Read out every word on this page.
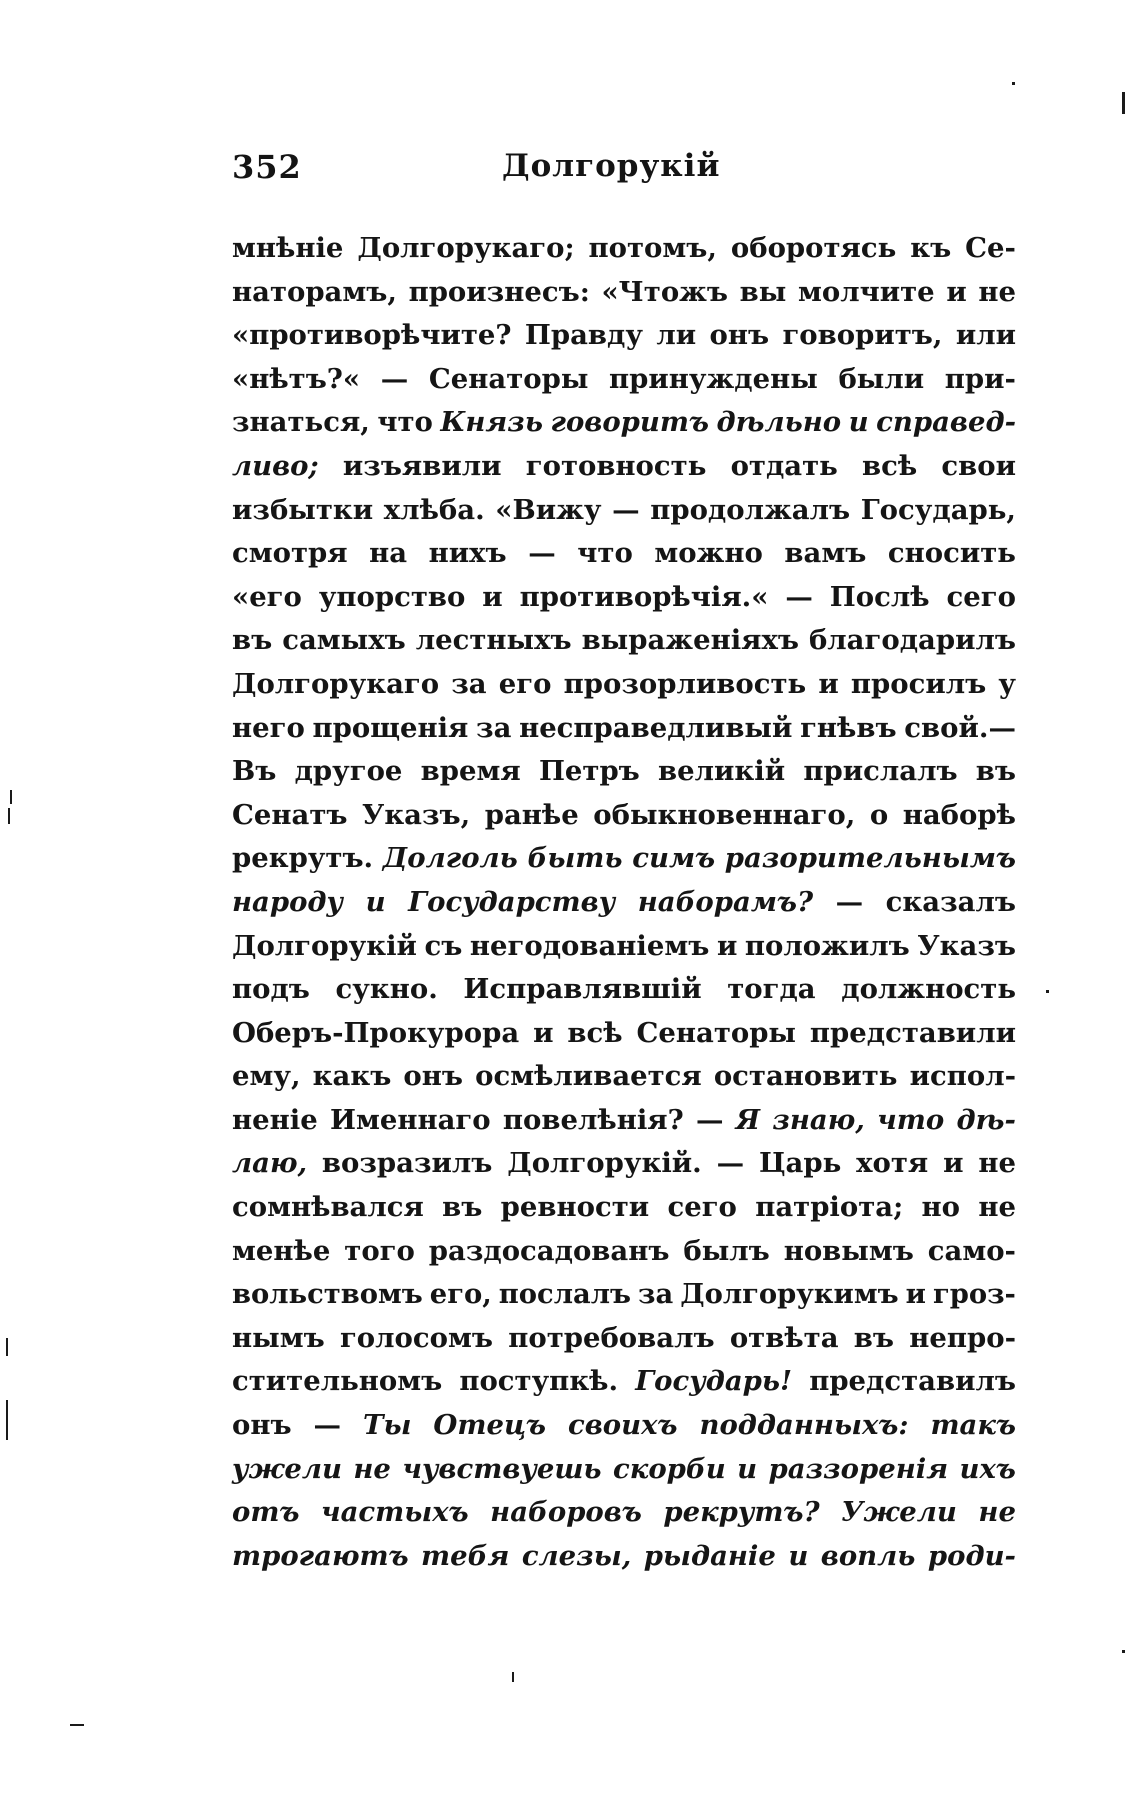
352	Долгорукій
мнѣніе Долгорукаго; потомъ, оборотясь къ Се-
наторамъ, произнесъ: «Чтожъ вы молчите и не
«противорѣчите? Правду ли онъ говоритъ, или
«нѣтъ?« — Сенаторы принуждены были при-
знаться, что Князь говоритъ дѣльно и справед-
ливо; изъявили готовность отдать всѣ свои
избытки хлѣба. «Вижу — продолжалъ Государь,
смотря на нихъ — что можно вамъ сносить
«его упорство и противорѣчія.« — Послѣ сего
въ самыхъ лестныхъ выраженіяхъ благодарилъ
Долгорукаго за его прозорливость и просилъ у
него прощенія за несправедливый гнѣвъ свой.—
Въ другое время Петръ великій прислалъ въ
Сенатъ Указъ, ранѣе обыкновеннаго, о наборѣ
рекрутъ. Долголь быть симъ разорительнымъ
народу и Государству наборамъ? — сказалъ
Долгорукій съ негодованіемъ и положилъ Указъ
подъ сукно. Исправлявшій тогда должность
Оберъ-Прокурора и всѣ Сенаторы представили
ему, какъ онъ осмѣливается остановить испол-
неніе Именнаго повелѣнія? — Я знаю, что дѣ-
лаю, возразилъ Долгорукій. — Царь хотя и не
сомнѣвался въ ревности сего патріота; но не
менѣе того раздосадованъ былъ новымъ само-
вольствомъ его, послалъ за Долгорукимъ и гроз-
нымъ голосомъ потребовалъ отвѣта въ непро-
стительномъ поступкѣ. Государь! представилъ
онъ — Ты Отецъ своихъ подданныхъ: такъ
ужели не чувствуешь скорби и раззоренія ихъ
отъ частыхъ наборовъ рекрутъ? Ужели не
трогаютъ тебя слезы, рыданіе и вопль роди-
